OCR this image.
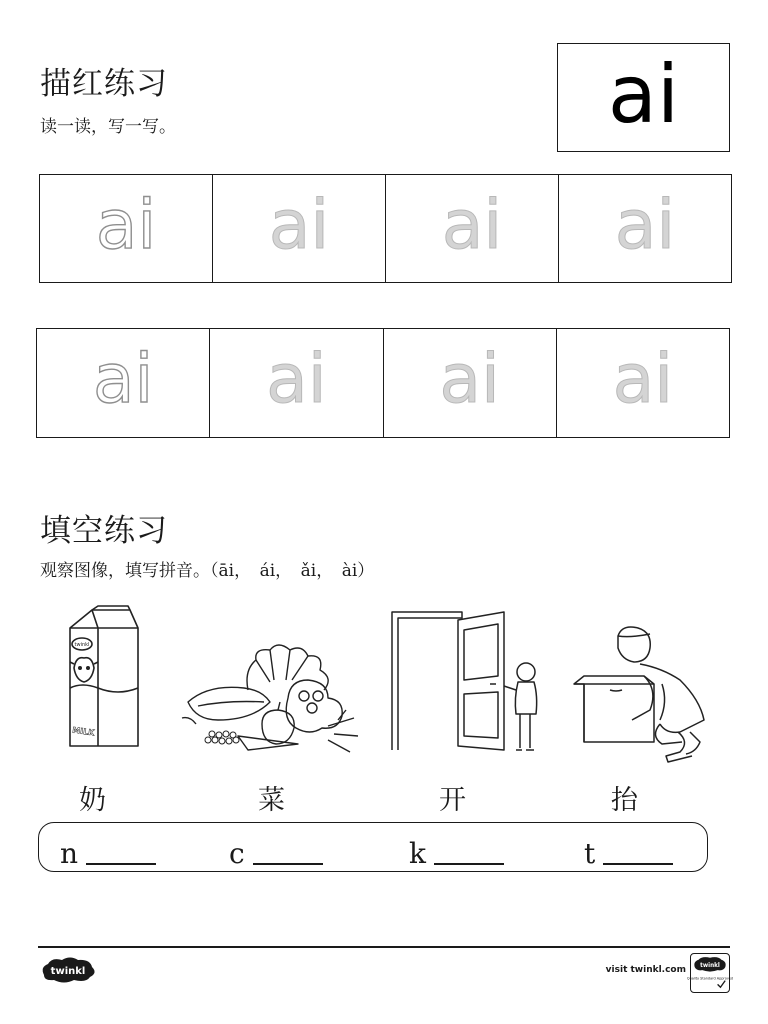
描红练习
读一读，写一写。	ai
ai ai ai ai
ai ai ai ai
填空练习
观察图像，填写拼音。（āi，　ái，　ǎi，　ài）
twinkl
MILK
奶	菜	开	抬
n	c	k	t
twinkl	visit twinkl.com twinkl
Quality Standard Approved
